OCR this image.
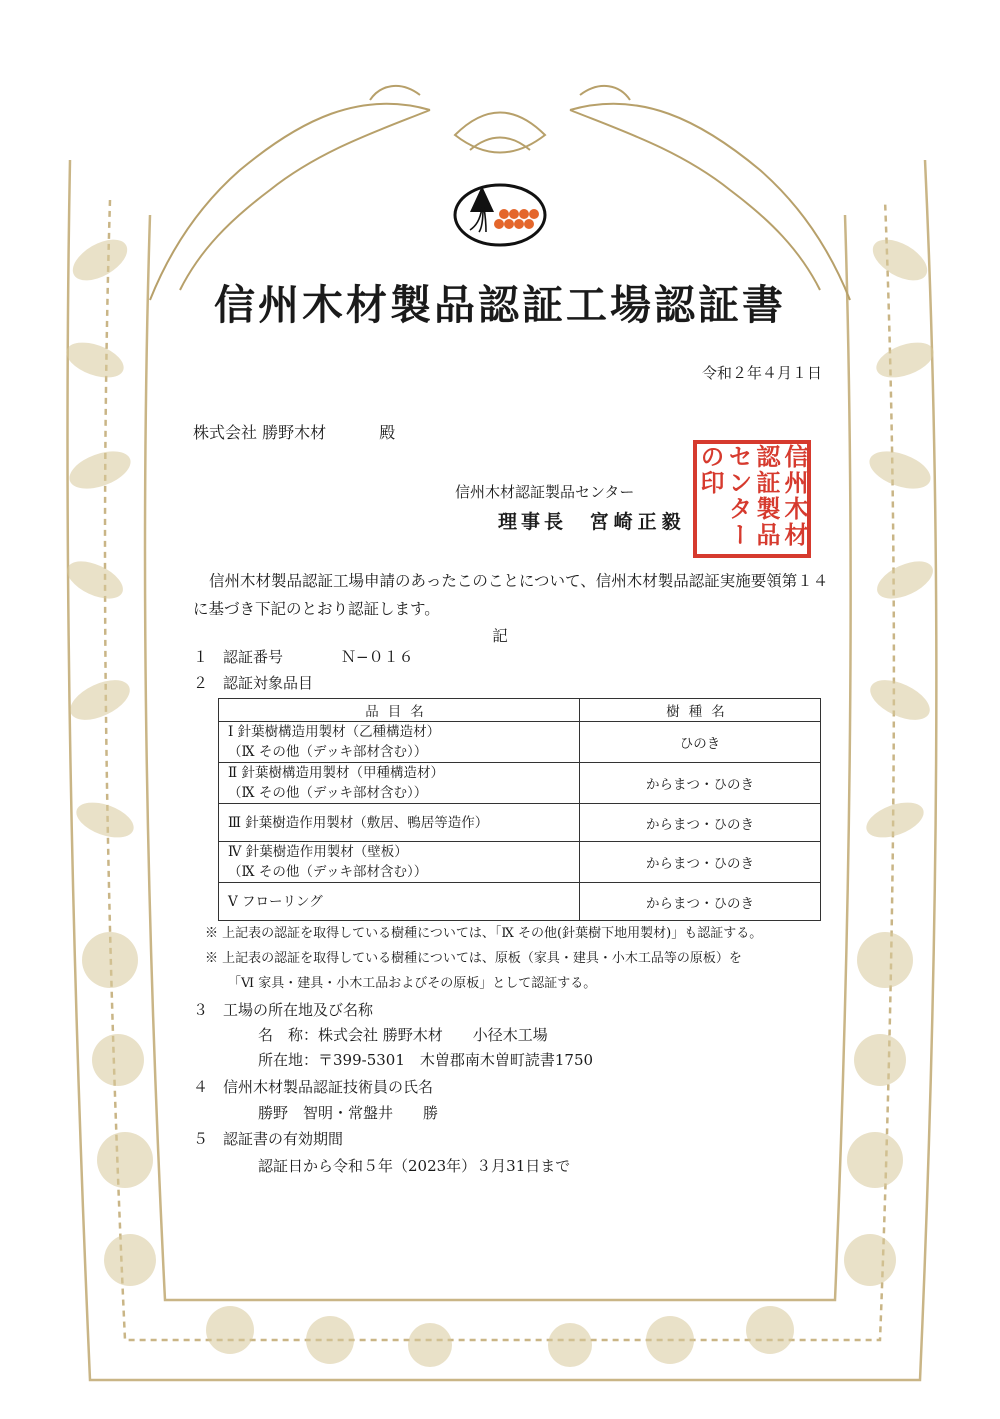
信州木材製品認証工場認証書
令和２年４月１日
株式会社 勝野木材	殿
信州木材認証製品センター
理事長 宮崎正毅	信州木材認証製品センターの印
信州木材製品認証工場申請のあったこのことについて、信州木材製品認証実施要領第１４に基づき下記のとおり認証します。
記
１ 認証番号	Ｎ−０１６
２ 認証対象品目
品目名	樹種名

Ⅰ 針葉樹構造用製材（乙種構造材）
（Ⅸ その他（デッキ部材含む））	ひのき

Ⅱ 針葉樹構造用製材（甲種構造材）
（Ⅸ その他（デッキ部材含む））	からまつ・ひのき

Ⅲ 針葉樹造作用製材（敷居、鴨居等造作）	からまつ・ひのき

Ⅳ 針葉樹造作用製材（壁板）
（Ⅸ その他（デッキ部材含む））	からまつ・ひのき

Ⅴ フローリング	からまつ・ひのき
※ 上記表の認証を取得している樹種については、「Ⅸ その他(針葉樹下地用製材)」も認証する。
※ 上記表の認証を取得している樹種については、原板（家具・建具・小木工品等の原板）を
「Ⅵ 家具・建具・小木工品およびその原板」として認証する。
３ 工場の所在地及び名称
名　称：株式会社 勝野木材　　小径木工場
所在地：〒399-5301　木曽郡南木曽町読書1750
４ 信州木材製品認証技術員の氏名
勝野　智明・常盤井　　勝
５ 認証書の有効期間
認証日から令和５年（2023年）３月31日まで
